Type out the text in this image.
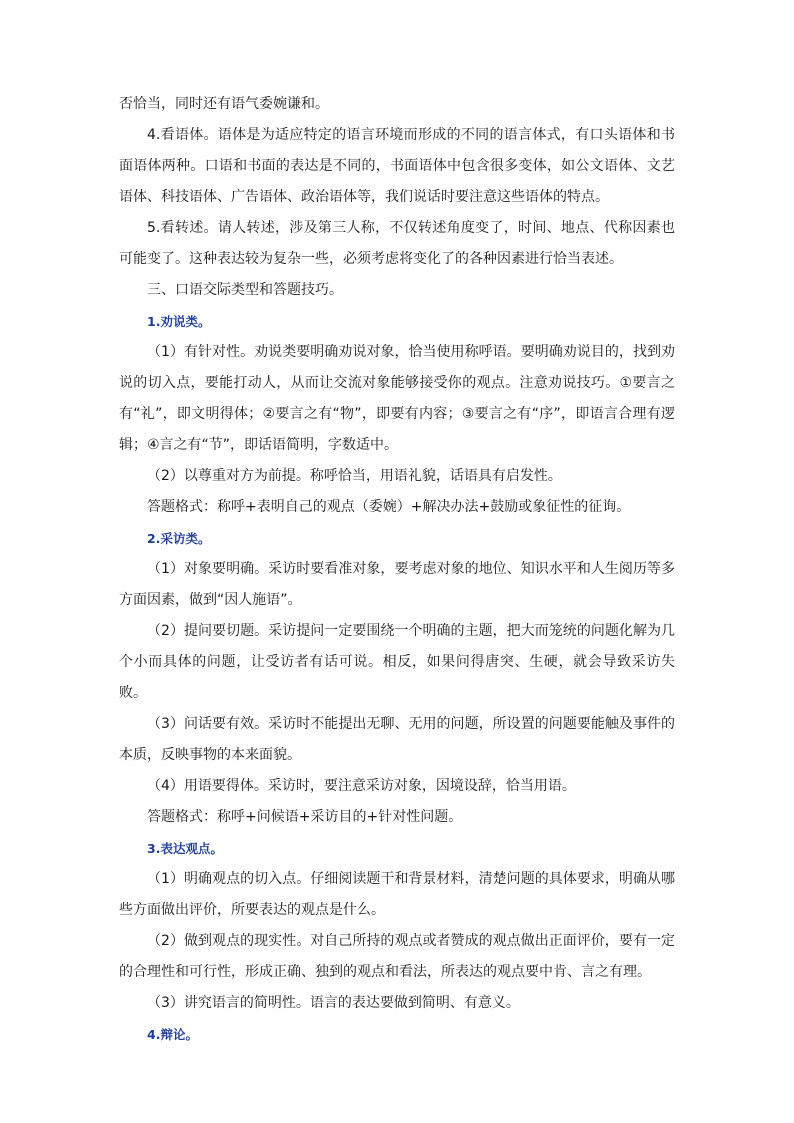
否恰当，同时还有语气委婉谦和。
4.看语体。语体是为适应特定的语言环境而形成的不同的语言体式，有口头语体和书面语体两种。口语和书面的表达是不同的，书面语体中包含很多变体，如公文语体、文艺语体、科技语体、广告语体、政治语体等，我们说话时要注意这些语体的特点。
5.看转述。请人转述，涉及第三人称，不仅转述角度变了，时间、地点、代称因素也可能变了。这种表达较为复杂一些，必须考虑将变化了的各种因素进行恰当表述。
三、口语交际类型和答题技巧。
1.劝说类。
（1）有针对性。劝说类要明确劝说对象，恰当使用称呼语。要明确劝说目的，找到劝说的切入点，要能打动人，从而让交流对象能够接受你的观点。注意劝说技巧。①要言之有“礼”，即文明得体；②要言之有“物”，即要有内容；③要言之有“序”，即语言合理有逻辑；④言之有“节”，即话语简明，字数适中。
（2）以尊重对方为前提。称呼恰当，用语礼貌，话语具有启发性。
答题格式：称呼+表明自己的观点（委婉）+解决办法+鼓励或象征性的征询。
2.采访类。
（1）对象要明确。采访时要看准对象，要考虑对象的地位、知识水平和人生阅历等多方面因素，做到“因人施语”。
（2）提问要切题。采访提问一定要围绕一个明确的主题，把大而笼统的问题化解为几个小而具体的问题，让受访者有话可说。相反，如果问得唐突、生硬，就会导致采访失败。
（3）问话要有效。采访时不能提出无聊、无用的问题，所设置的问题要能触及事件的本质，反映事物的本来面貌。
（4）用语要得体。采访时，要注意采访对象，因境设辞，恰当用语。
答题格式：称呼+问候语+采访目的+针对性问题。
3.表达观点。
（1）明确观点的切入点。仔细阅读题干和背景材料，清楚问题的具体要求，明确从哪些方面做出评价，所要表达的观点是什么。
（2）做到观点的现实性。对自己所持的观点或者赞成的观点做出正面评价，要有一定的合理性和可行性，形成正确、独到的观点和看法，所表达的观点要中肯、言之有理。
（3）讲究语言的简明性。语言的表达要做到简明、有意义。
4.辩论。
